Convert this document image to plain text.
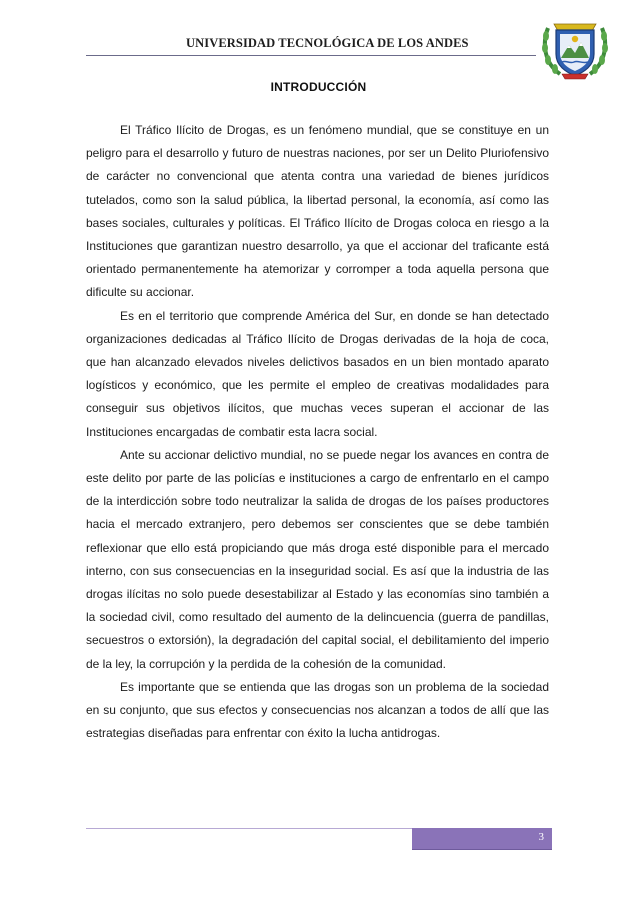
UNIVERSIDAD TECNOLÓGICA DE LOS ANDES
INTRODUCCIÓN

El Tráfico Ilícito de Drogas, es un fenómeno mundial, que se constituye en un peligro para el desarrollo y futuro de nuestras naciones, por ser un Delito Pluriofensivo de carácter no convencional que atenta contra una variedad de bienes jurídicos tutelados, como son la salud pública, la libertad personal, la economía, así como las bases sociales, culturales y políticas. El Tráfico Ilícito de Drogas coloca en riesgo a la Instituciones que garantizan nuestro desarrollo, ya que el accionar del traficante está orientado permanentemente ha atemorizar y corromper a toda aquella persona que dificulte su accionar.

Es en el territorio que comprende América del Sur, en donde se han detectado organizaciones dedicadas al Tráfico Ilícito de Drogas derivadas de la hoja de coca, que han alcanzado elevados niveles delictivos basados en un bien montado aparato logísticos y económico, que les permite el empleo de creativas modalidades para conseguir sus objetivos ilícitos, que muchas veces superan el accionar de las Instituciones encargadas de combatir esta lacra social.

Ante su accionar delictivo mundial, no se puede negar los avances en contra de este delito por parte de las policías e instituciones a cargo de enfrentarlo en el campo de la interdicción sobre todo neutralizar la salida de drogas de los países productores hacia el mercado extranjero, pero debemos ser conscientes que se debe también reflexionar que ello está propiciando que más droga esté disponible para el mercado interno, con sus consecuencias en la inseguridad social. Es así que la industria de las drogas ilícitas no solo puede desestabilizar al Estado y las economías sino también a la sociedad civil, como resultado del aumento de la delincuencia (guerra de pandillas, secuestros o extorsión), la degradación del capital social, el debilitamiento del imperio de la ley, la corrupción y la perdida de la cohesión de la comunidad.

Es importante que se entienda que las drogas son un problema de la sociedad en su conjunto, que sus efectos y consecuencias nos alcanzan a todos de allí que las estrategias diseñadas para enfrentar con éxito la lucha antidrogas.

3
